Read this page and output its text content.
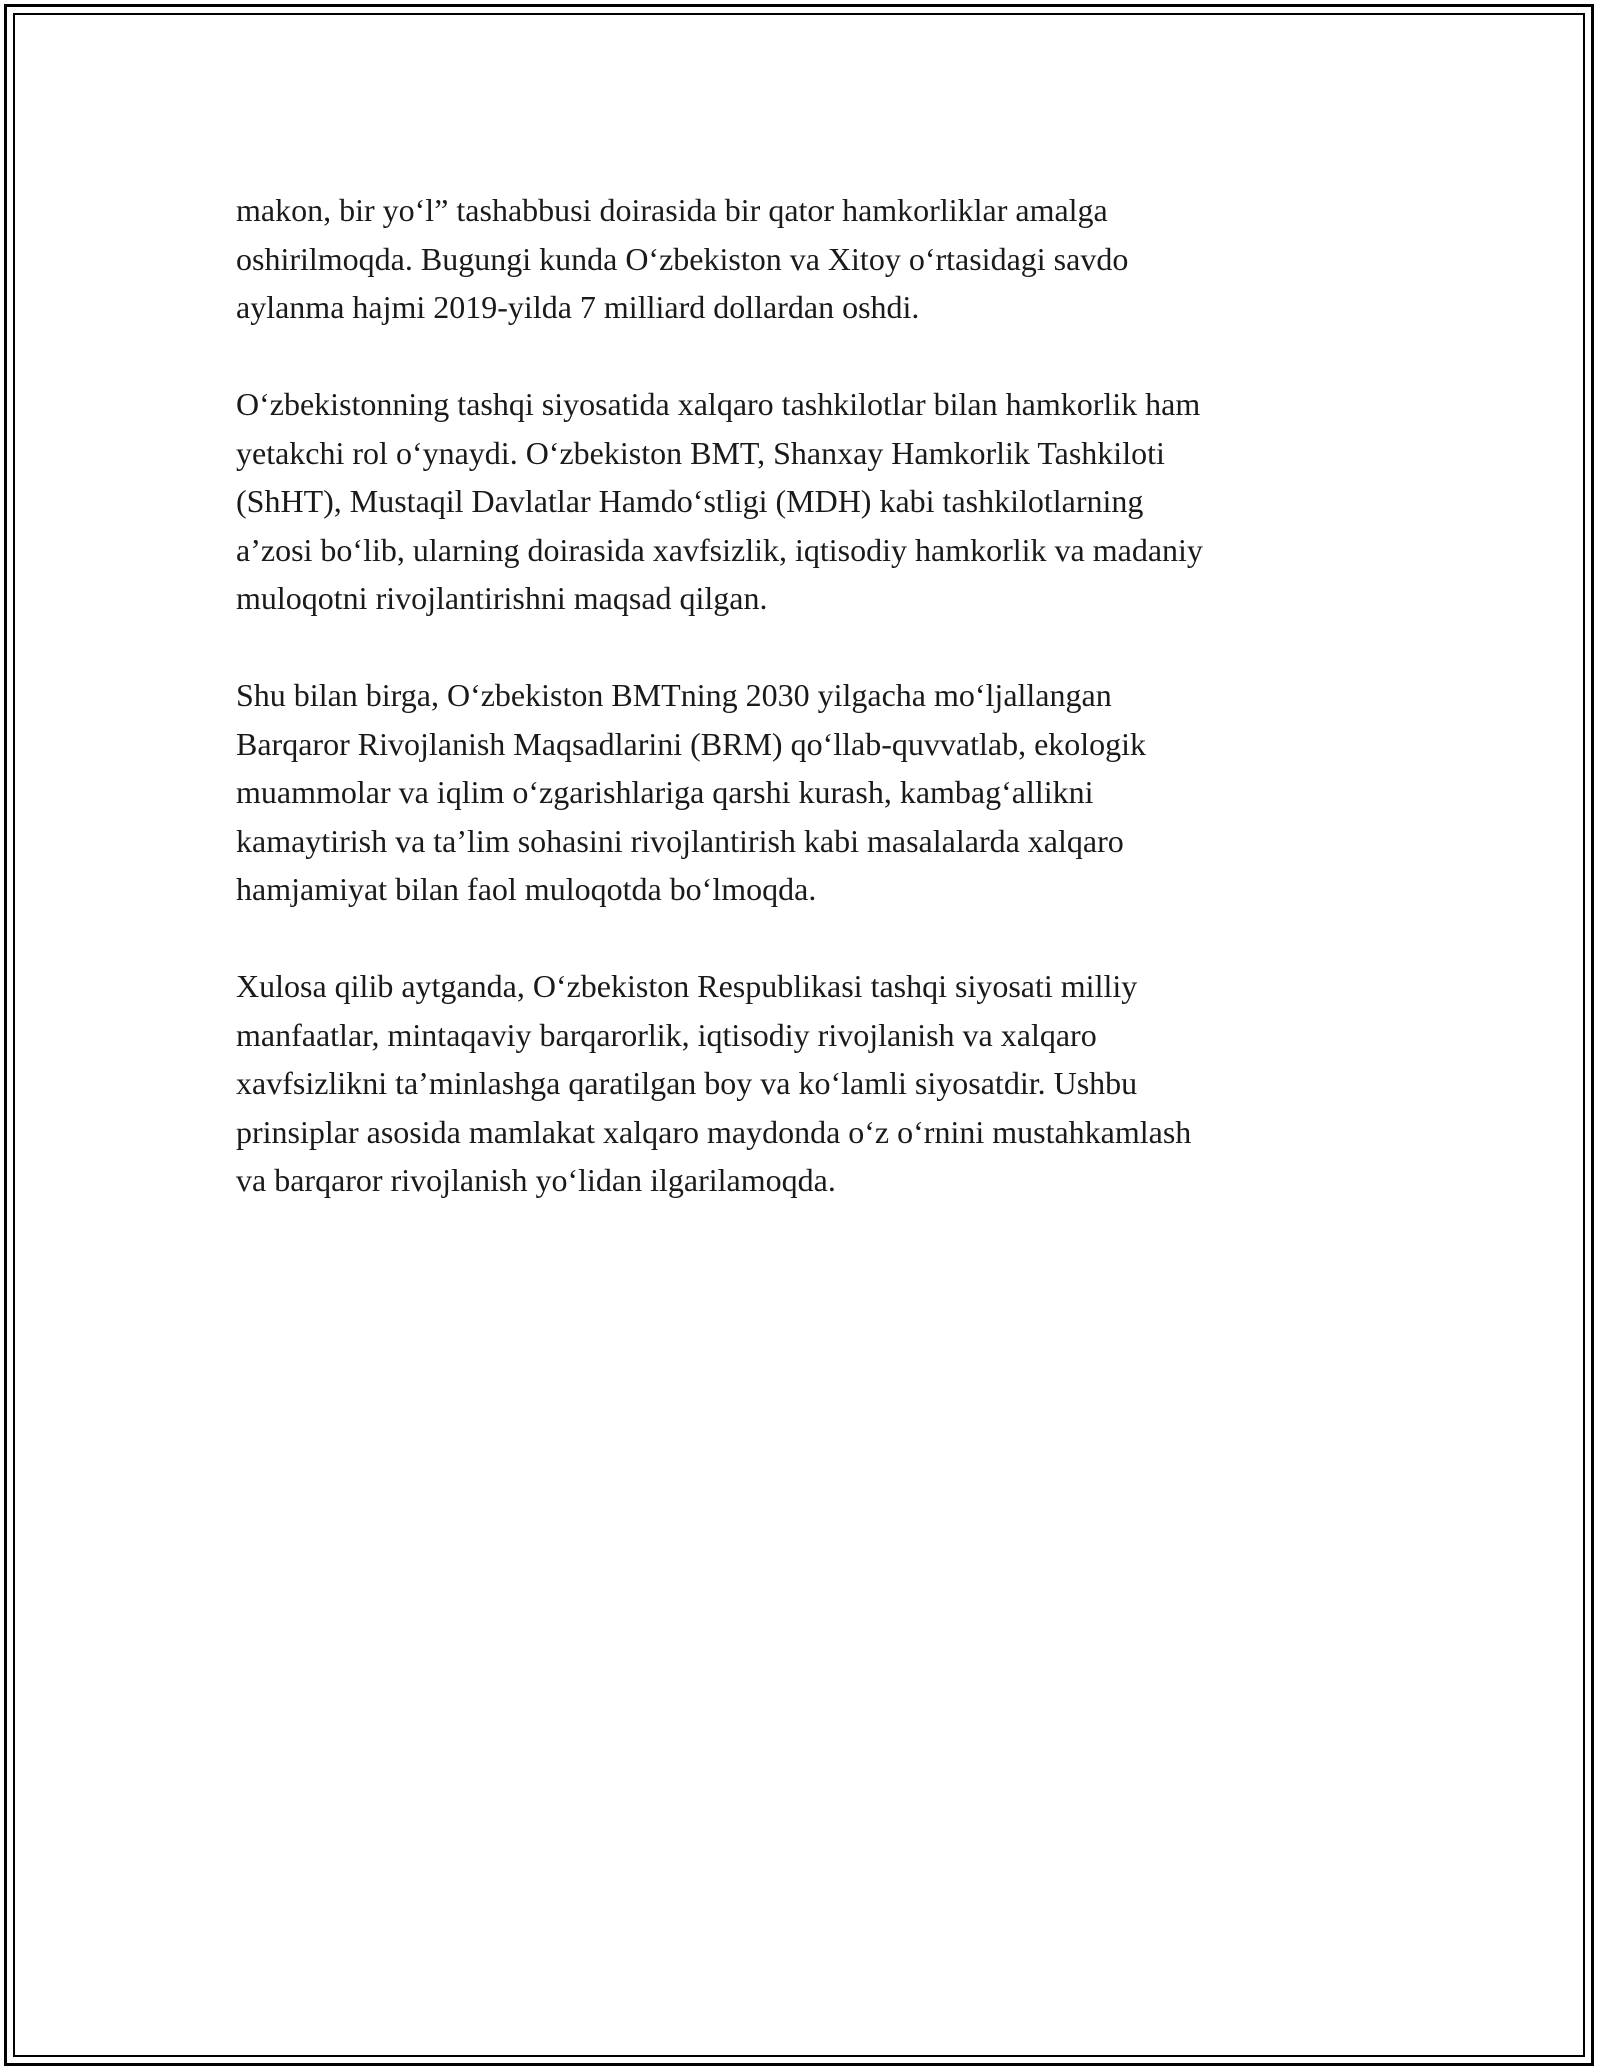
makon, bir yoʻl” tashabbusi doirasida bir qator hamkorliklar amalga
oshirilmoqda. Bugungi kunda Oʻzbekiston va Xitoy oʻrtasidagi savdo
aylanma hajmi 2019-yilda 7 milliard dollardan oshdi.

Oʻzbekistonning tashqi siyosatida xalqaro tashkilotlar bilan hamkorlik ham
yetakchi rol oʻynaydi. Oʻzbekiston BMT, Shanxay Hamkorlik Tashkiloti
(ShHT), Mustaqil Davlatlar Hamdoʻstligi (MDH) kabi tashkilotlarning
a’zosi boʻlib, ularning doirasida xavfsizlik, iqtisodiy hamkorlik va madaniy
muloqotni rivojlantirishni maqsad qilgan.

Shu bilan birga, Oʻzbekiston BMTning 2030 yilgacha moʻljallangan
Barqaror Rivojlanish Maqsadlarini (BRM) qoʻllab-quvvatlab, ekologik
muammolar va iqlim oʻzgarishlariga qarshi kurash, kambagʻallikni
kamaytirish va ta’lim sohasini rivojlantirish kabi masalalarda xalqaro
hamjamiyat bilan faol muloqotda boʻlmoqda.

Xulosa qilib aytganda, Oʻzbekiston Respublikasi tashqi siyosati milliy
manfaatlar, mintaqaviy barqarorlik, iqtisodiy rivojlanish va xalqaro
xavfsizlikni ta’minlashga qaratilgan boy va koʻlamli siyosatdir. Ushbu
prinsiplar asosida mamlakat xalqaro maydonda oʻz oʻrnini mustahkamlash
va barqaror rivojlanish yoʻlidan ilgarilamoqda.
